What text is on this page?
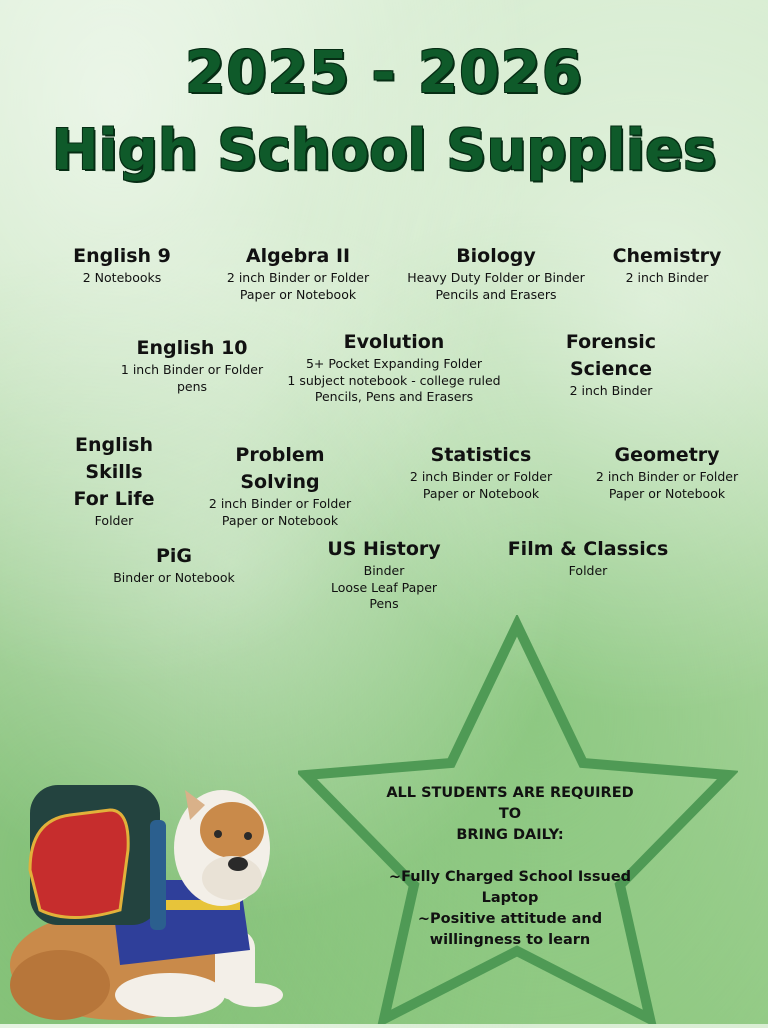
2025 - 2026
High School Supplies

English 9

2 Notebooks

Algebra II

2 inch Binder or Folder

Paper or Notebook

Biology

Heavy Duty Folder or Binder

Pencils and Erasers

Chemistry

2 inch Binder

English 10

1 inch Binder or Folder

pens

Evolution

5+ Pocket Expanding Folder

1 subject notebook - college ruled

Pencils, Pens and Erasers

Forensic

Science

2 inch Binder

English Skills

For Life

Folder

Problem Solving

2 inch Binder or Folder

Paper or Notebook

Statistics

2 inch Binder or Folder

Paper or Notebook

Geometry

2 inch Binder or Folder

Paper or Notebook

PiG

Binder or Notebook

US History

Binder

Loose Leaf Paper

Pens

Film & Classics

Folder

ALL STUDENTS ARE REQUIRED TO

BRING DAILY:

~Fully Charged School Issued

Laptop

~Positive attitude and

willingness to learn
